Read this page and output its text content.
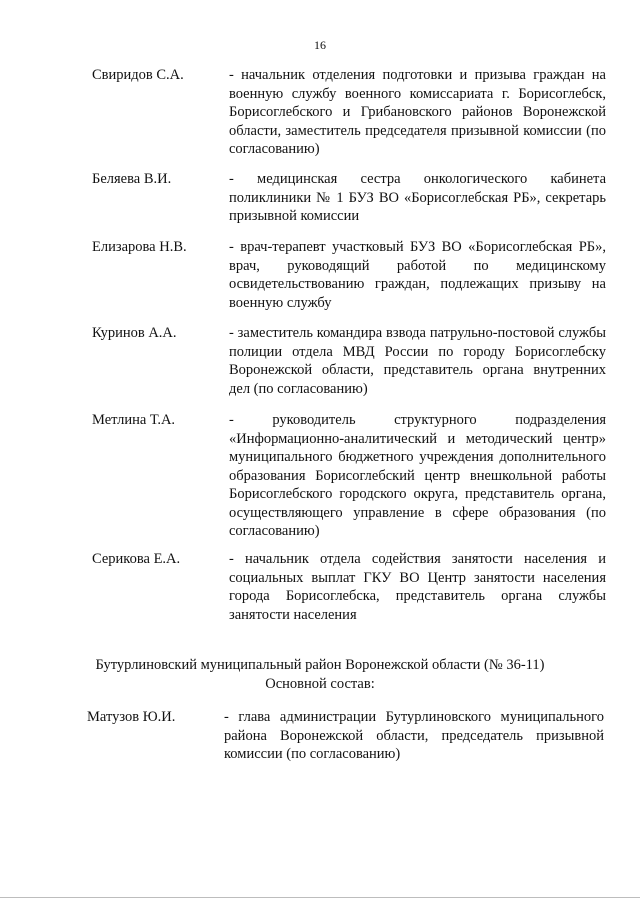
16
Свиридов С.А.	- начальник отделения подготовки и призыва граждан на военную службу военного комиссариата г. Борисоглебск, Борисоглебского и Грибановского районов Воронежской области, заместитель председателя призывной комиссии (по согласованию)
Беляева В.И.	- медицинская сестра онкологического кабинета поликлиники № 1 БУЗ ВО «Борисоглебская РБ», секретарь призывной комиссии
Елизарова Н.В.	- врач-терапевт участковый БУЗ ВО «Борисоглебская РБ», врач, руководящий работой по медицинскому освидетельствованию граждан, подлежащих призыву на военную службу
Куринов А.А.	- заместитель командира взвода патрульно-постовой службы полиции отдела МВД России по городу Борисоглебску Воронежской области, представитель органа внутренних дел (по согласованию)
Метлина Т.А.	- руководитель структурного подразделения «Информационно-аналитический и методический центр» муниципального бюджетного учреждения дополнительного образования Борисоглебский центр внешкольной работы Борисоглебского городского округа, представитель органа, осуществляющего управление в сфере образования (по согласованию)
Серикова Е.А.	- начальник отдела содействия занятости населения и социальных выплат ГКУ ВО Центр занятости населения города Борисоглебска, представитель органа службы занятости населения
Бутурлиновский муниципальный район Воронежской области (№ 36-11)
Основной состав:
Матузов Ю.И.	- глава администрации Бутурлиновского муниципального района Воронежской области, председатель призывной комиссии (по согласованию)
